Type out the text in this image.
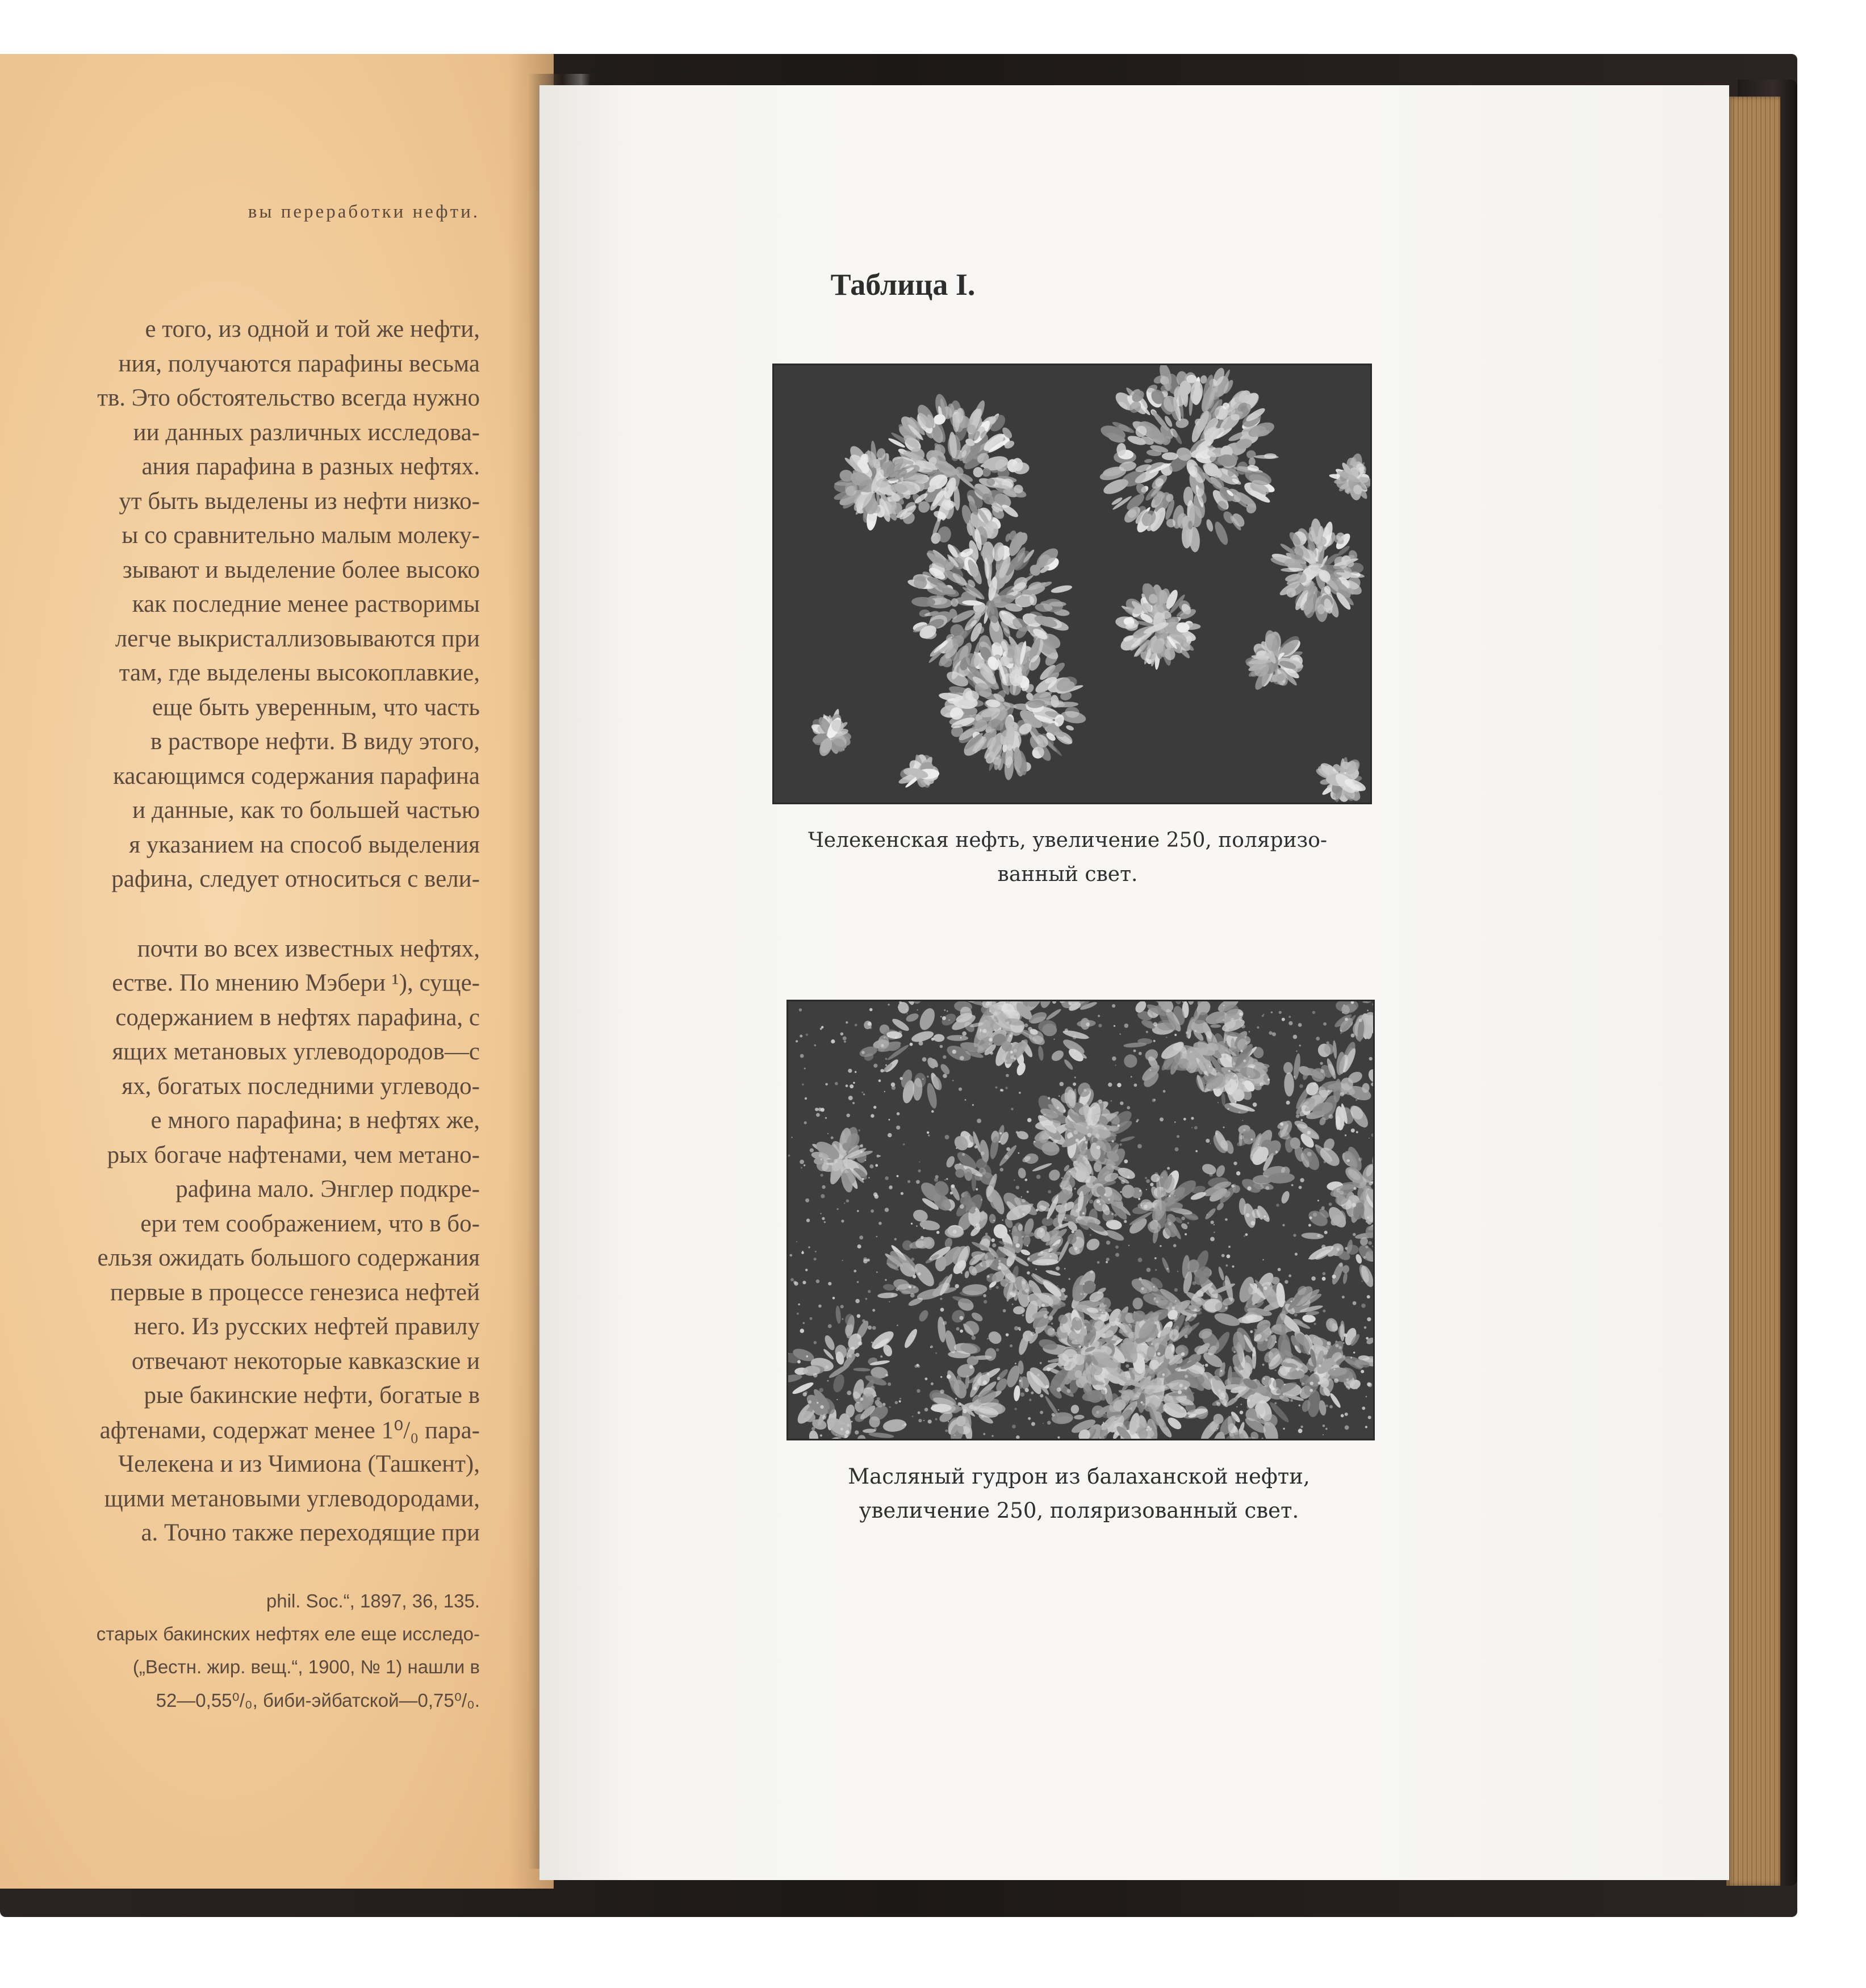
вы переработки нефти.
е того, из одной и той же нефти,
ния, получаются парафины весьма
тв. Это обстоятельство всегда нужно
ии данных различных исследова-
ания парафина в разных нефтях.
ут быть выделены из нефти низко-
ы со сравнительно малым молеку-
зывают и выделение более высоко
как последние менее растворимы
легче выкристаллизовываются при
там, где выделены высокоплавкие,
еще быть уверенным, что часть
в растворе нефти. В виду этого,
касающимся содержания парафина
и данные, как то большей частью
я указанием на способ выделения
рафина, следует относиться с вели-
почти во всех известных нефтях,
естве. По мнению Мэбери ¹), суще-
содержанием в нефтях парафина, с
ящих метановых углеводородов—с
ях, богатых последними углеводо-
е много парафина; в нефтях же,
рых богаче нафтенами, чем метано-
рафина мало. Энглер подкре-
ери тем соображением, что в бо-
ельзя ожидать большого содержания
первые в процессе генезиса нефтей
него. Из русских нефтей правилу
отвечают некоторые кавказские и
рые бакинские нефти, богатые в
афтенами, содержат менее 1⁰/₀ пара-
Челекена и из Чимиона (Ташкент),
щими метановыми углеводородами,
а. Точно также переходящие при
phil. Soc.“, 1897, 36, 135.
старых бакинских нефтях еле еще исследо-
(„Вестн. жир. вещ.“, 1900, № 1) нашли в
52—0,55⁰/₀, биби-эйбатской—0,75⁰/₀.
Таблица I.
Челекенская нефть, увеличение 250, поляризо-
ванный свет.
Масляный гудрон из балаханской нефти,
увеличение 250, поляризованный свет.
